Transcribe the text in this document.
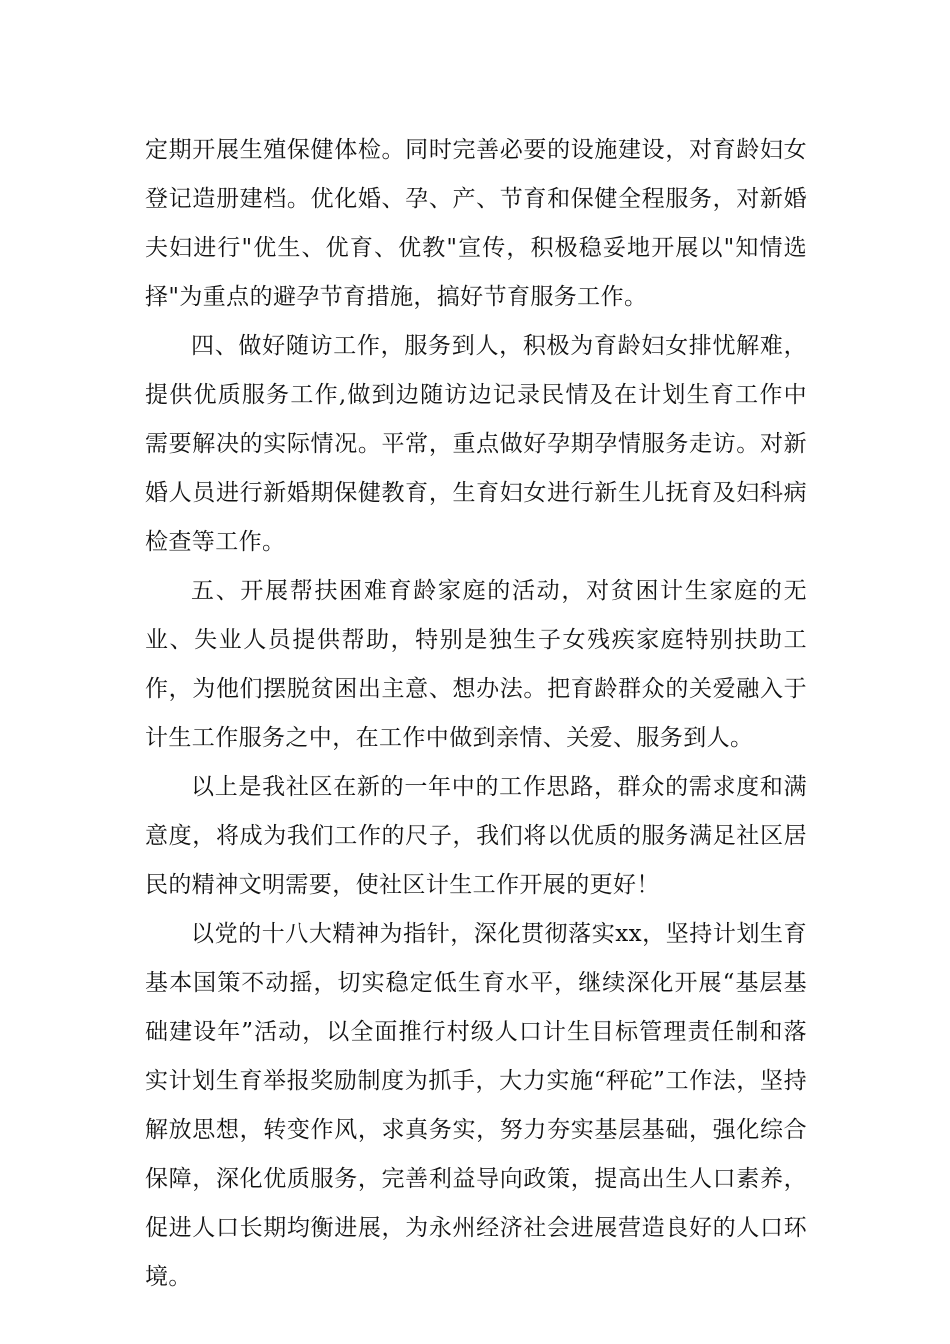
定期开展生殖保健体检。同时完善必要的设施建设，对育龄妇女登记造册建档。优化婚、孕、产、节育和保健全程服务，对新婚夫妇进行"优生、优育、优教"宣传，积极稳妥地开展以"知情选择"为重点的避孕节育措施，搞好节育服务工作。

四、做好随访工作，服务到人，积极为育龄妇女排忧解难，提供优质服务工作,做到边随访边记录民情及在计划生育工作中需要解决的实际情况。平常，重点做好孕期孕情服务走访。对新婚人员进行新婚期保健教育，生育妇女进行新生儿抚育及妇科病检查等工作。

五、开展帮扶困难育龄家庭的活动，对贫困计生家庭的无业、失业人员提供帮助，特别是独生子女残疾家庭特别扶助工作，为他们摆脱贫困出主意、想办法。把育龄群众的关爱融入于计生工作服务之中，在工作中做到亲情、关爱、服务到人。

以上是我社区在新的一年中的工作思路，群众的需求度和满意度，将成为我们工作的尺子，我们将以优质的服务满足社区居民的精神文明需要，使社区计生工作开展的更好！

以党的十八大精神为指针，深化贯彻落实xx，坚持计划生育基本国策不动摇，切实稳定低生育水平，继续深化开展“基层基础建设年”活动，以全面推行村级人口计生目标管理责任制和落实计划生育举报奖励制度为抓手，大力实施“秤砣”工作法，坚持解放思想，转变作风，求真务实，努力夯实基层基础，强化综合保障，深化优质服务，完善利益导向政策，提高出生人口素养，促进人口长期均衡进展，为永州经济社会进展营造良好的人口环境。
